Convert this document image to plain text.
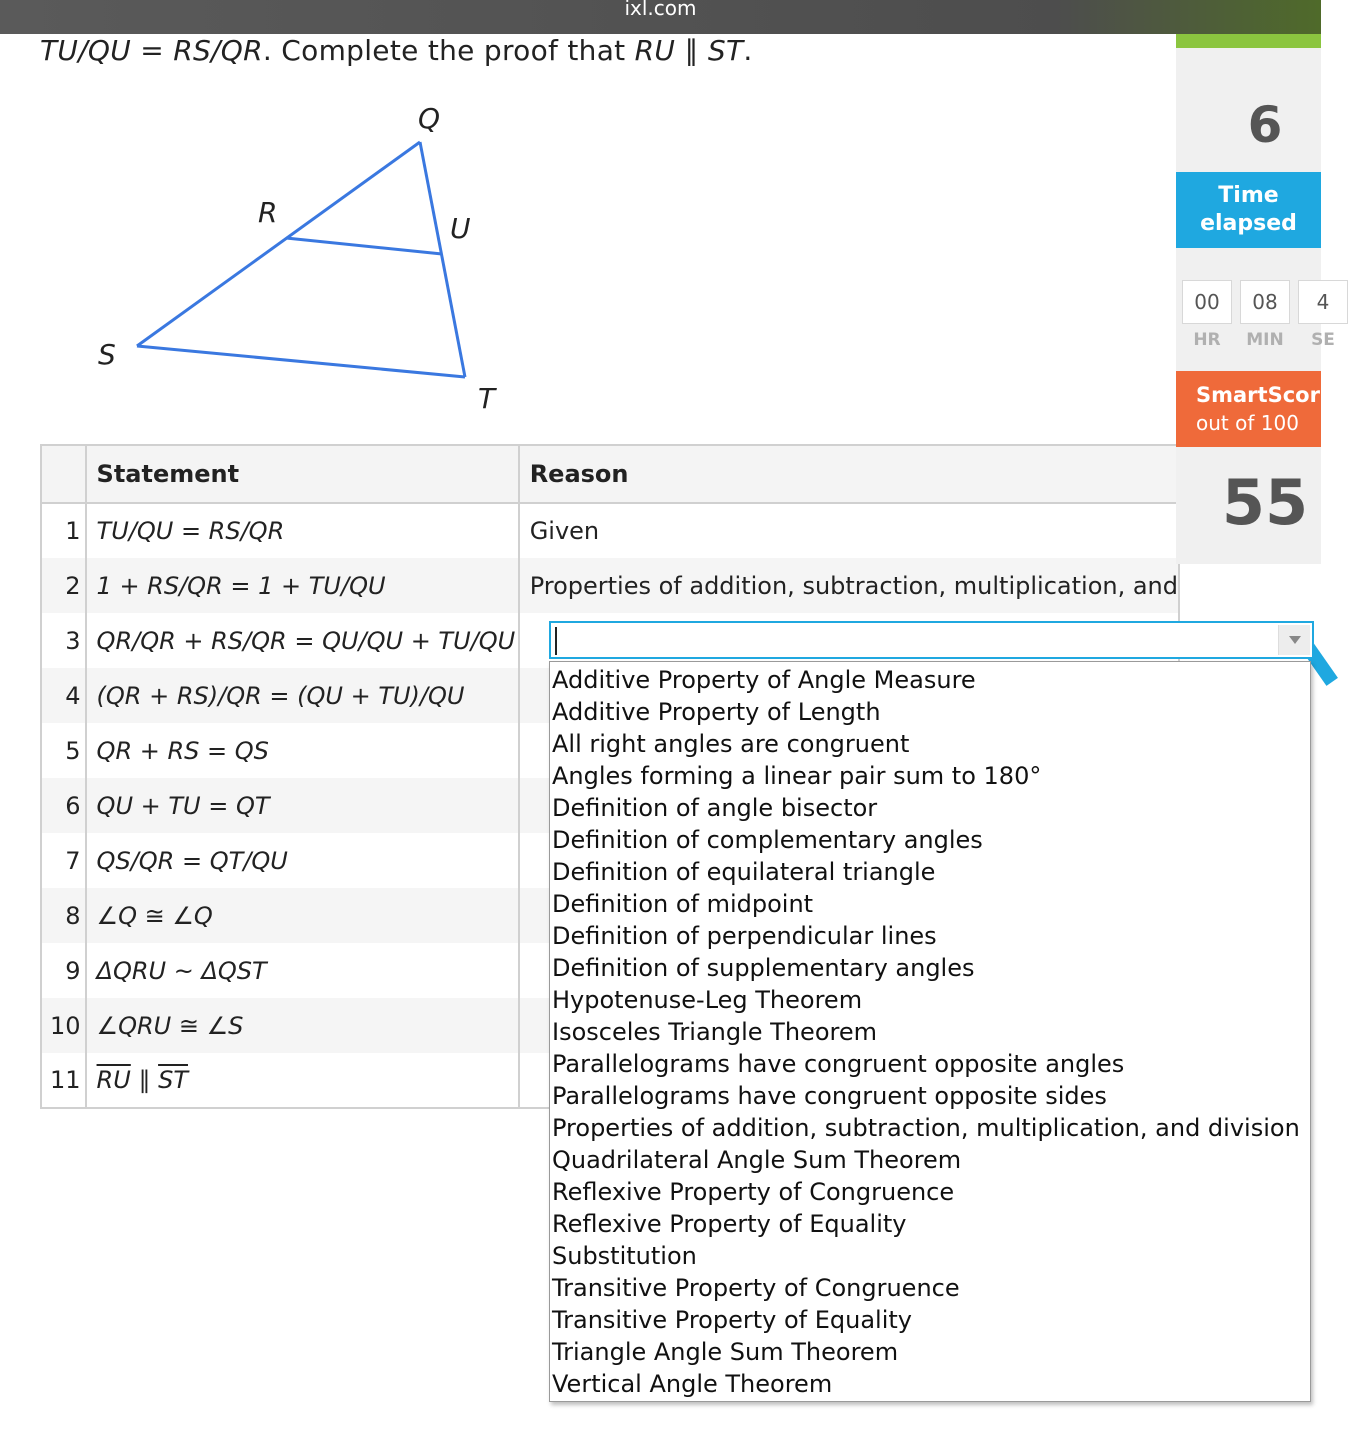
ixl.com
TU/QU = RS/QR. Complete the proof that RU ∥ ST.
Q
R	U
S
T
	Statement	Reason
1	TU/QU = RS/QR	Given
2	1 + RS/QR = 1 + TU/QU	Properties of addition, subtraction, multiplication, and
3	QR/QR + RS/QR = QU/QU + TU/QU	
4	(QR + RS)/QR = (QU + TU)/QU	
5	QR + RS = QS	
6	QU + TU = QT	
7	QS/QR = QT/QU	
8	∠Q ≅ ∠Q	
9	ΔQRU ~ ΔQST	
10	∠QRU ≅ ∠S	
11	$\overline{RU}$ ∥ $\overline{ST}$	
6
Time elapsed
00	08	4
HR	MIN	SE
SmartScor
out of 100
55
Additive Property of Angle Measure
Additive Property of Length
All right angles are congruent
Angles forming a linear pair sum to 180°
Definition of angle bisector
Definition of complementary angles
Definition of equilateral triangle
Definition of midpoint
Definition of perpendicular lines
Definition of supplementary angles
Hypotenuse-Leg Theorem
Isosceles Triangle Theorem
Parallelograms have congruent opposite angles
Parallelograms have congruent opposite sides
Properties of addition, subtraction, multiplication, and division
Quadrilateral Angle Sum Theorem
Reflexive Property of Congruence
Reflexive Property of Equality
Substitution
Transitive Property of Congruence
Transitive Property of Equality
Triangle Angle Sum Theorem
Vertical Angle Theorem
